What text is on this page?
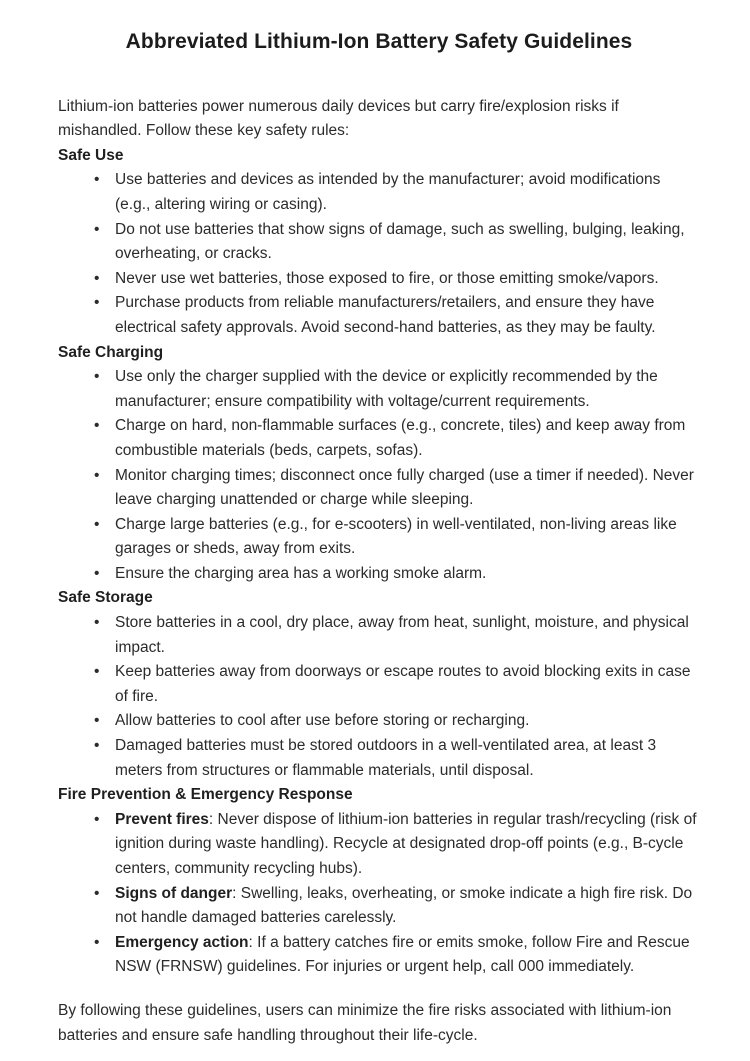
Abbreviated Lithium-Ion Battery Safety Guidelines

Lithium-ion batteries power numerous daily devices but carry fire/explosion risks if mishandled. Follow these key safety rules:

Safe Use
• Use batteries and devices as intended by the manufacturer; avoid modifications (e.g., altering wiring or casing).
• Do not use batteries that show signs of damage, such as swelling, bulging, leaking, overheating, or cracks.
• Never use wet batteries, those exposed to fire, or those emitting smoke/vapors.
• Purchase products from reliable manufacturers/retailers, and ensure they have electrical safety approvals. Avoid second-hand batteries, as they may be faulty.
Safe Charging
• Use only the charger supplied with the device or explicitly recommended by the manufacturer; ensure compatibility with voltage/current requirements.
• Charge on hard, non-flammable surfaces (e.g., concrete, tiles) and keep away from combustible materials (beds, carpets, sofas).
• Monitor charging times; disconnect once fully charged (use a timer if needed). Never leave charging unattended or charge while sleeping.
• Charge large batteries (e.g., for e-scooters) in well-ventilated, non-living areas like garages or sheds, away from exits.
• Ensure the charging area has a working smoke alarm.
Safe Storage
• Store batteries in a cool, dry place, away from heat, sunlight, moisture, and physical impact.
• Keep batteries away from doorways or escape routes to avoid blocking exits in case of fire.
• Allow batteries to cool after use before storing or recharging.
• Damaged batteries must be stored outdoors in a well-ventilated area, at least 3 meters from structures or flammable materials, until disposal.
Fire Prevention & Emergency Response
• Prevent fires: Never dispose of lithium-ion batteries in regular trash/recycling (risk of ignition during waste handling). Recycle at designated drop-off points (e.g., B-cycle centers, community recycling hubs).
• Signs of danger: Swelling, leaks, overheating, or smoke indicate a high fire risk. Do not handle damaged batteries carelessly.
• Emergency action: If a battery catches fire or emits smoke, follow Fire and Rescue NSW (FRNSW) guidelines. For injuries or urgent help, call 000 immediately.

By following these guidelines, users can minimize the fire risks associated with lithium-ion batteries and ensure safe handling throughout their life-cycle.
